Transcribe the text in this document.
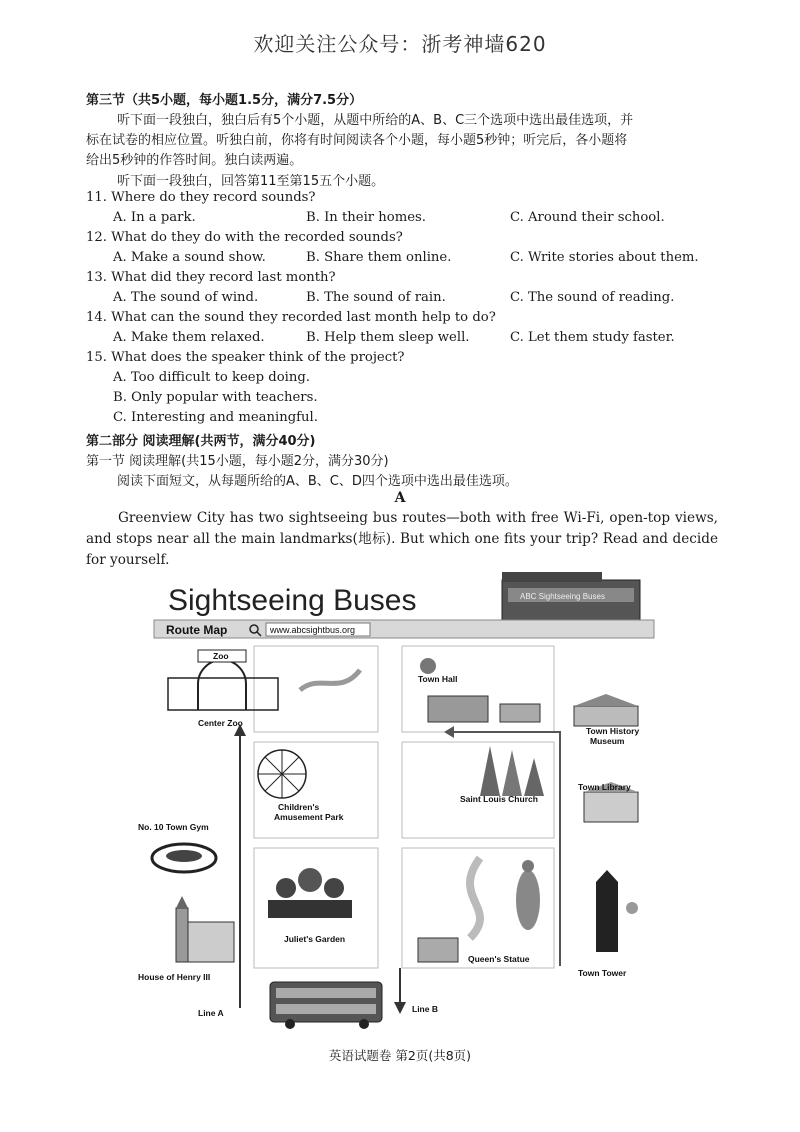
欢迎关注公众号：浙考神墙620
第三节（共5小题，每小题1.5分，满分7.5分）
听下面一段独白，独白后有5个小题，从题中所给的A、B、C三个选项中选出最佳选项，并
标在试卷的相应位置。听独白前，你将有时间阅读各个小题，每小题5秒钟；听完后，各小题将
给出5秒钟的作答时间。独白读两遍。
听下面一段独白，回答第11至第15五个小题。
11. Where do they record sounds?
A. In a park.	B. In their homes.	C. Around their school.
12. What do they do with the recorded sounds?
A. Make a sound show.	B. Share them online.	C. Write stories about them.
13. What did they record last month?
A. The sound of wind.	B. The sound of rain.	C. The sound of reading.
14. What can the sound they recorded last month help to do?
A. Make them relaxed.	B. Help them sleep well.	C. Let them study faster.
15. What does the speaker think of the project?
A. Too difficult to keep doing.
B. Only popular with teachers.
C. Interesting and meaningful.
第二部分 阅读理解(共两节，满分40分)
第一节 阅读理解(共15小题，每小题2分，满分30分)
阅读下面短文，从每题所给的A、B、C、D四个选项中选出最佳选项。
A
Greenview City has two sightseeing bus routes—both with free Wi-Fi, open-top views, and stops near all the main landmarks(地标). But which one fits your trip? Read and decide for yourself.
Sightseeing Buses	ABC Sightseeing Buses
Route Map	www.abcsightbus.org
Zoo
Center Zoo
Town Hall
Town History
Museum
Children's
Amusement Park
Saint Louis Church
Town Library
No. 10 Town Gym
Juliet's Garden
Queen's Statue
Town Tower
House of Henry III
Line A	Line B
英语试题卷 第2页(共8页)
